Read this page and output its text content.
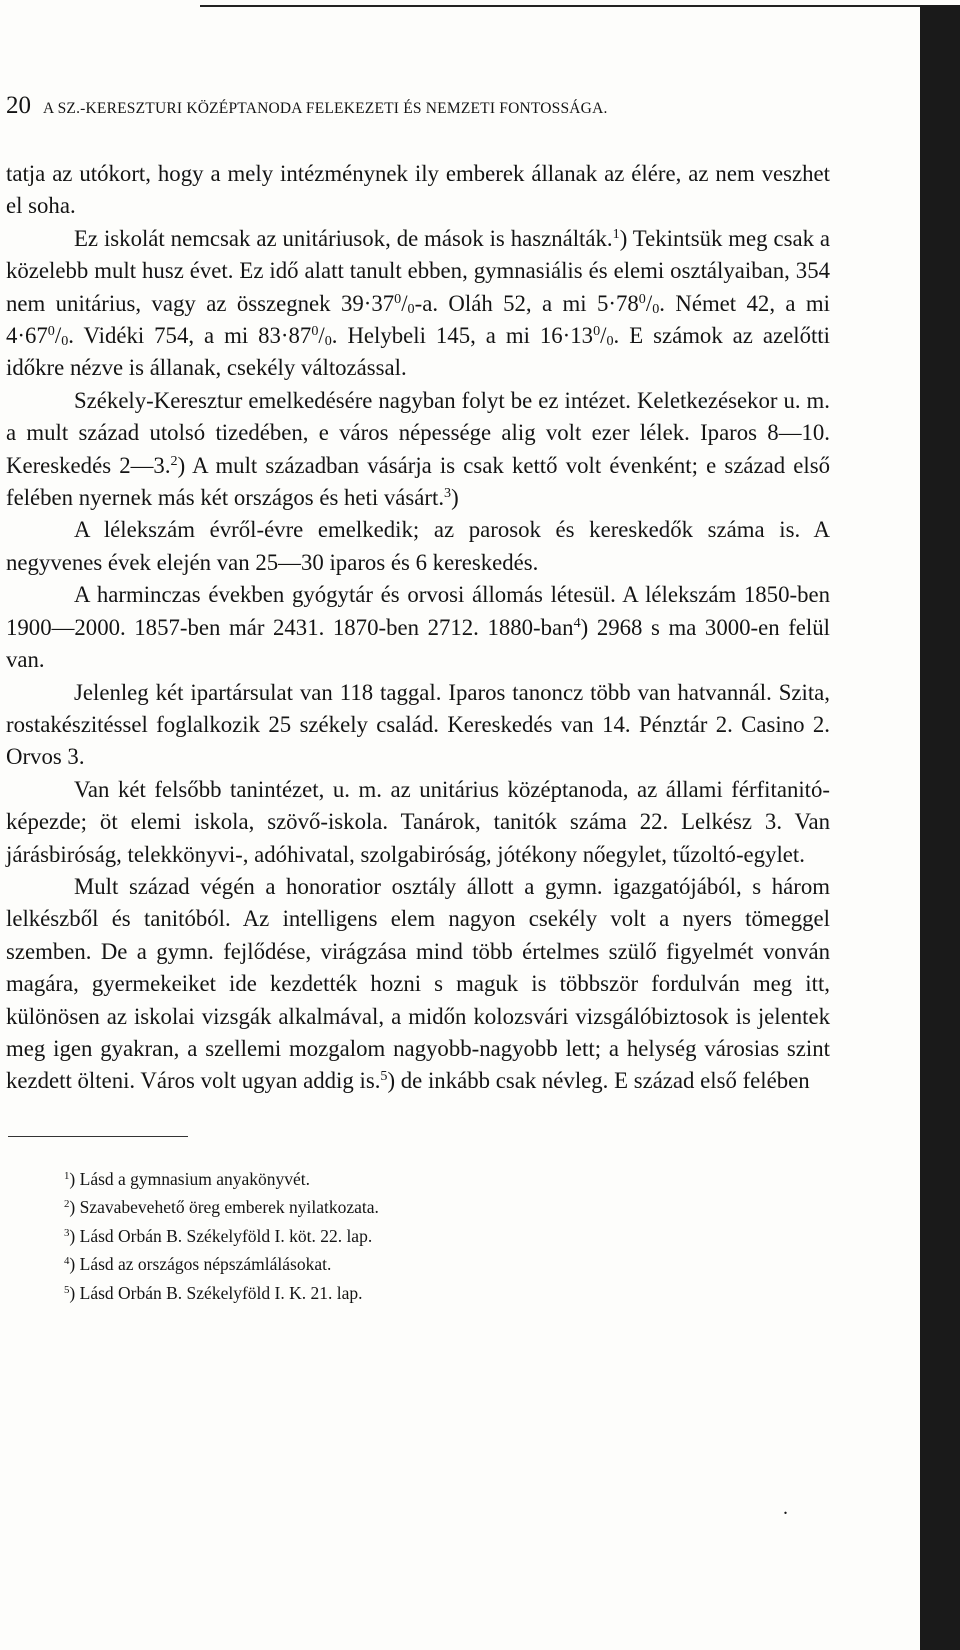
20 A SZ.-KERESZTURI KÖZÉPTANODA FELEKEZETI ÉS NEMZETI FONTOSSÁGA.

tatja az utókort, hogy a mely intézménynek ily emberek állanak az élére, az nem veszhet el soha.

Ez iskolát nemcsak az unitáriusok, de mások is használták.$^1$) Tekintsük meg csak a közelebb mult husz évet. Ez idő alatt tanult ebben, gymnasiális és elemi osztályaiban, 354 nem unitárius, vagy az összegnek $39\cdot 37^0/_0-a$. Oláh 52, a mi $5\cdot 78^0/_0$. Német 42, a mi $4\cdot 67^0/_0$. Vidéki 754, a mi $83\cdot 87^0/_0$. Helybeli 145, a mi $16\cdot 13^0/_0$. E számok az azelőtti időkre nézve is állanak, csekély változással.

Székely-Keresztur emelkedésére nagyban folyt be ez intézet. Keletkezésekor u. m. a mult század utolsó tizedében, e város népessége alig volt ezer lélek. Iparos 8—10. Kereskedés 2—3.$^2$) A mult században vásárja is csak kettő volt évenként; e század első felében nyernek más két országos és heti vásárt.$^3$)

A lélekszám évről-évre emelkedik; az parosok és kereskedők száma is. A negyvenes évek elején van 25—30 iparos és 6 kereskedés.

A harminczas években gyógytár és orvosi állomás létesül. A lélekszám 1850-ben 1900—2000. 1857-ben már 2431. 1870-ben 2712. 1880-ban$^4$) 2968 s ma 3000-en felül van.

Jelenleg két ipartársulat van 118 taggal. Iparos tanoncz több van hatvannál. Szita, rostakészitéssel foglalkozik 25 székely család. Kereskedés van 14. Pénztár 2. Casino 2. Orvos 3.

Van két felsőbb tanintézet, u. m. az unitárius középtanoda, az állami férfitanitó-képezde; öt elemi iskola, szövő-iskola. Tanárok, tanitók száma 22. Lelkész 3. Van járásbiróság, telekkönyvi-, adóhivatal, szolgabiróság, jótékony nőegylet, tűzoltó-egylet.

Mult század végén a honoratior osztály állott a gymn. igazgatójából, s három lelkészből és tanitóból. Az intelligens elem nagyon csekély volt a nyers tömeggel szemben. De a gymn. fejlődése, virágzása mind több értelmes szülő figyelmét vonván magára, gyermekeiket ide kezdették hozni s maguk is többször fordulván meg itt, különösen az iskolai vizsgák alkalmával, a midőn kolozsvári vizsgálóbiztosok is jelentek meg igen gyakran, a szellemi mozgalom nagyobb-nagyobb lett; a helység városias szint kezdett ölteni. Város volt ugyan addig is.$^5$) de inkább csak névleg. E század első felében

$^1$) Lásd a gymnasium anyakönyvét.
$^2$) Szavabevehető öreg emberek nyilatkozata.
$^3$) Lásd Orbán B. Székelyföld I. köt. 22. lap.
$^4$) Lásd az országos népszámlálásokat.
$^5$) Lásd Orbán B. Székelyföld I. K. 21. lap.
.
